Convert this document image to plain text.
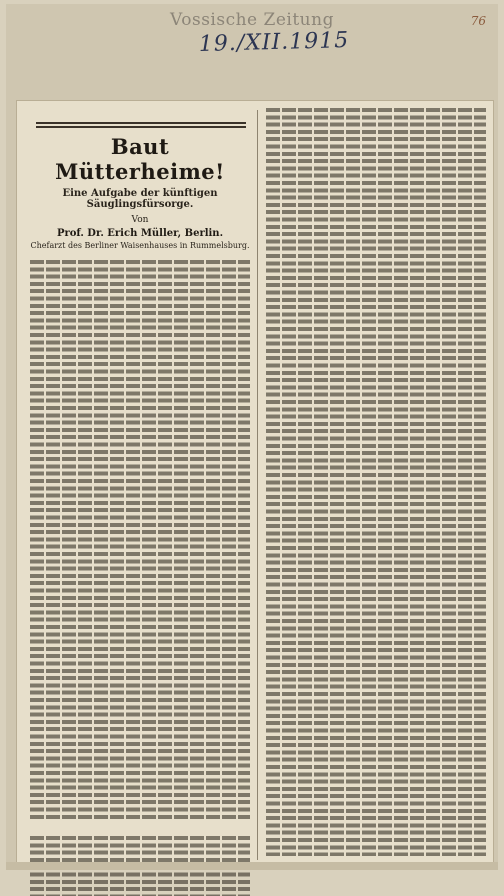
Vossische Zeitung	76
19./XII.1915
Baut Mütterheime!
Eine Aufgabe der künftigen Säuglingsfürsorge.
Von
Prof. Dr. Erich Müller, Berlin.
Chefarzt des Berliner Waisenhauses in Rummelsburg.
